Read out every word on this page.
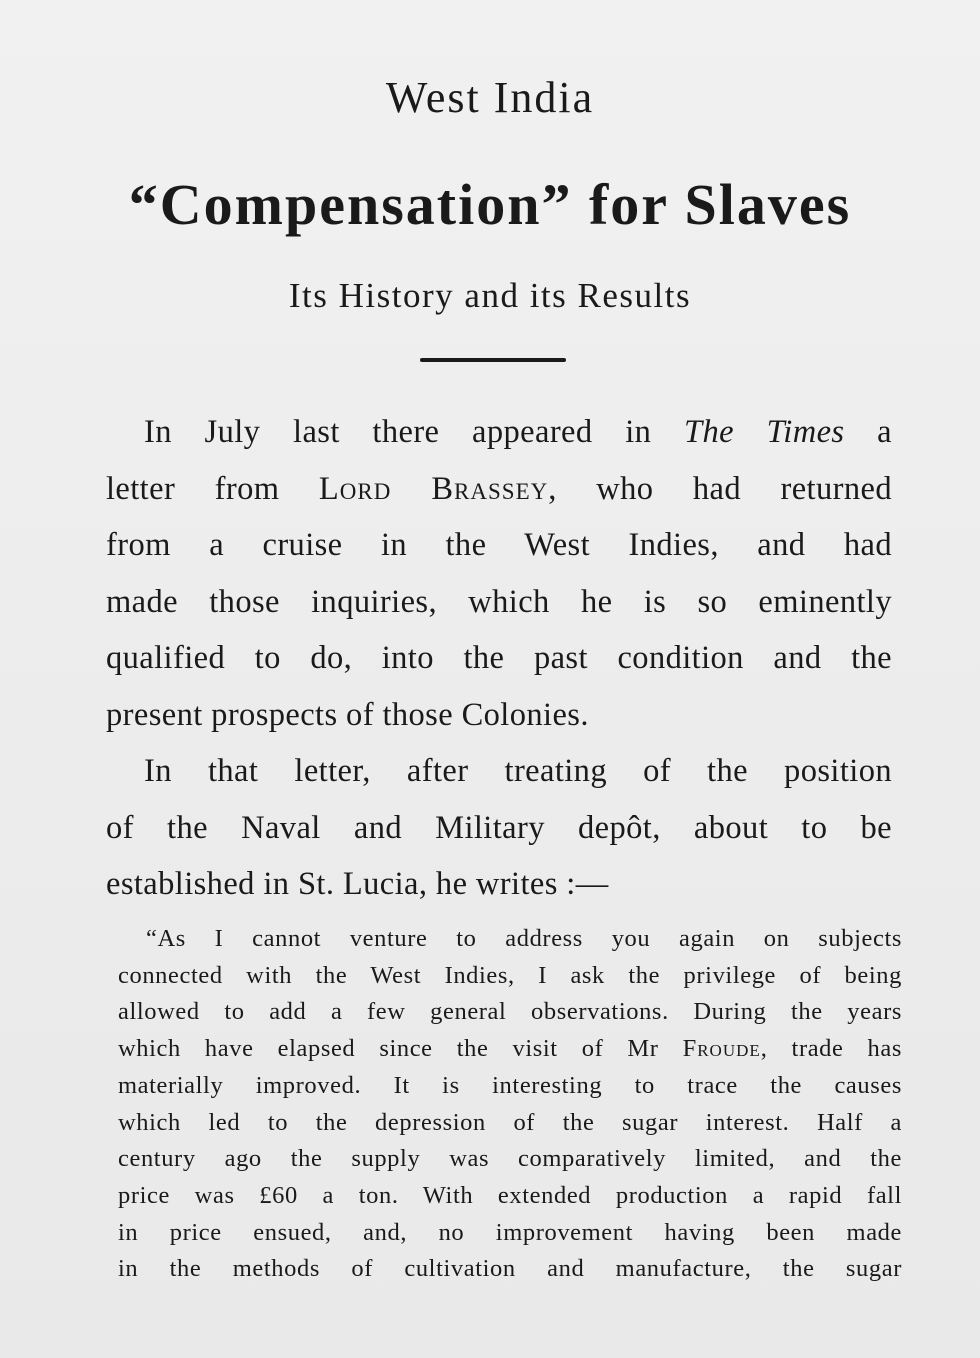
West India
“Compensation” for Slaves
Its History and its Results
In July last there appeared in The Times a
letter from Lord Brassey, who had returned
from a cruise in the West Indies, and had
made those inquiries, which he is so eminently
qualified to do, into the past condition and the
present prospects of those Colonies.
In that letter, after treating of the position
of the Naval and Military depôt, about to be
established in St. Lucia, he writes :—
“As I cannot venture to address you again on subjects
connected with the West Indies, I ask the privilege of being
allowed to add a few general observations. During the years
which have elapsed since the visit of Mr Froude, trade has
materially improved. It is interesting to trace the causes
which led to the depression of the sugar interest. Half a
century ago the supply was comparatively limited, and the
price was £60 a ton. With extended production a rapid fall
in price ensued, and, no improvement having been made
in the methods of cultivation and manufacture, the sugar
